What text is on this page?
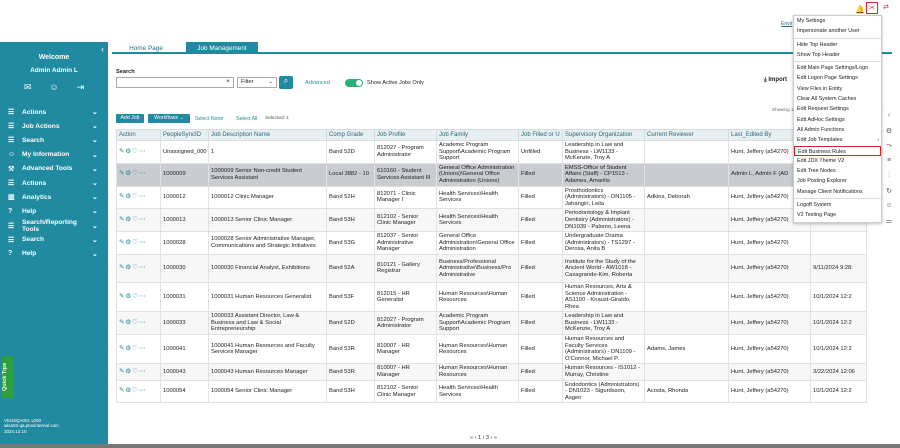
‹
Welcome
Admin Admin L
✉ ☺ ⇥
☰	Actions	⌄
☰	Job Actions	⌄
☰	Search	⌄
☺	My Information	⌄
⚒	Advanced Tools	⌄
☰	Actions	⌄
▥	Analytics	⌄
?	Help	⌄
☰
Search/Reporting Tools	⌄
☰	Search	⌄
?	Help	⌄
VMJSQA001 v200
wlsa03-qa.ptosinternal.com
2024.12.10
Quick Tips
Home Page	Job Management
Envir
🔔 ✂	⇄
Search
×	Filter	⌄	⌕	Advanced	Show Active Jobs Only	⤓ Import
Showing 1
Add Job	Workflows ⌄	Select None Select All Selected: 1
Action	PeopleSyncID	Job Description Name	Comp Grade	Job Profile	Job Family	Job Filled or U	Supervisory Organization	Current Reviewer	Last_Edited By	
✎⚙♡⋯	Unassigned_000	1	Band 52D	812027 - Program Administrator	Academic Program Support\Academic Program Support	Unfilled	Leadership in Law and Business - LW1133 - McKenzie, Troy A		Hunt, Jeffery (a54270)	
✎⚙♡⋯	1000009	1000009 Senior Non-credit Student Services Assistant	Local 3882 - 10	610160 - Student Services Assistant III	General Office Administration (Unions)\General Office Administration (Unions)	Filled	EMSS-Office of Student Affairs (Staff) - CP1513 - Adames, Amarilis		Admin L, Admin F (AD	
✎⚙♡⋯	1000012	1000012 Clinic Manager	Band 52H	812071 - Clinic Manager I	Health Services\Health Services	Filled	Prosthodontics (Administrators) - DN1105 - Jahangiri, Leila	Adkins, Deborah	Hunt, Jeffery (a54270)	
✎⚙♡⋯	1000013	1000013 Senior Clinic Manager	Band 53H	812102 - Senior Clinic Manager	Health Services\Health Services	Filled	Periodontology & Implant Dentistry (Administrators) - DN1039 - Palomo, Leena		Hunt, Jeffery (a54270)	
✎⚙♡⋯	1000028	1000028 Senior Administrative Manager, Communications and Strategic Initiatives	Band 53G	812037 - Senior Administrative Manager	General Office Administration\General Office Administration	Filled	Undergraduate Drama (Administrators) - TS1297 - Derosa, Anita B		Hunt, Jeffery (a54270)	
✎⚙♡⋯	1000030	1000030 Financial Analyst, Exhibitions	Band 52A	810121 - Gallery Registrar	Business/Professional Administrative\Business/Pro Administrative	Filled	Institute for the Study of the Ancient World - AW1018 - Casagrande-Kim, Roberta		Hunt, Jeffery (a54270)	9/11/2024 9:28:
✎⚙♡⋯	1000031	1000031 Human Resources Generalist	Band 53F	812015 - HR Generalist	Human Resources\Human Resources	Filled	Human Resources, Arts & Science Administration - AS1100 - Knaust-Giraldo, Rhea		Hunt, Jeffery (a54270)	10/1/2024 12:2
✎⚙♡⋯	1000033	1000033 Assistant Director, Law & Business and Law & Social Entrepreneurship	Band 52D	812027 - Program Administrator	Academic Program Support\Academic Program Support	Filled	Leadership in Law and Business - LW1133 - McKenzie, Troy A		Hunt, Jeffery (a54270)	10/1/2024 12:2
✎⚙♡⋯	1000041	1000041 Human Resources and Faculty Services Manager	Band 53R	810007 - HR Manager	Human Resources\Human Resources	Filled	Human Resources and Faculty Services (Administrators) - DN1109 - O'Connor, Michael P.	Adams, James	Hunt, Jeffery (a54270)	10/1/2024 12:2
✎⚙♡⋯	1000043	1000043 Human Resources Manager	Band 53R	810007 - HR Manager	Human Resources\Human Resources	Filled	Human Resources - IS1012 - Murray, Christine		Hunt, Jeffery (a54270)	3/22/2024 12:06
✎⚙♡⋯	1000054	1000054 Senior Clinic Manager	Band 53H	812102 - Senior Clinic Manager	Health Services\Health Services	Filled	Endodontics (Administrators) - DN1023 - Sigurdsson, Asgeir	Acosta, Rhonda	Hunt, Jeffery (a54270)	10/1/2024 12:2
« ‹ 1 / 3 › »
‹
⚙
⤳
≡
⫶
↻
☺
⚌
My Settings
Impersonate another User
Hide Top Header
Show Top Header
Edit Main Page Settings/Logo
Edit Logon Page Settings
View Files in Entity
Clear All System Caches
Edit Request Settings
Edit AdHoc Settings
All Admin Functions
Edit Job Templates	›
Edit Business Rules
Edit JDX Theme V2
Edit Tree Nodes
Job Posting Explorer
Manage Client Notifications
Logoff System
V2 Testing Page
